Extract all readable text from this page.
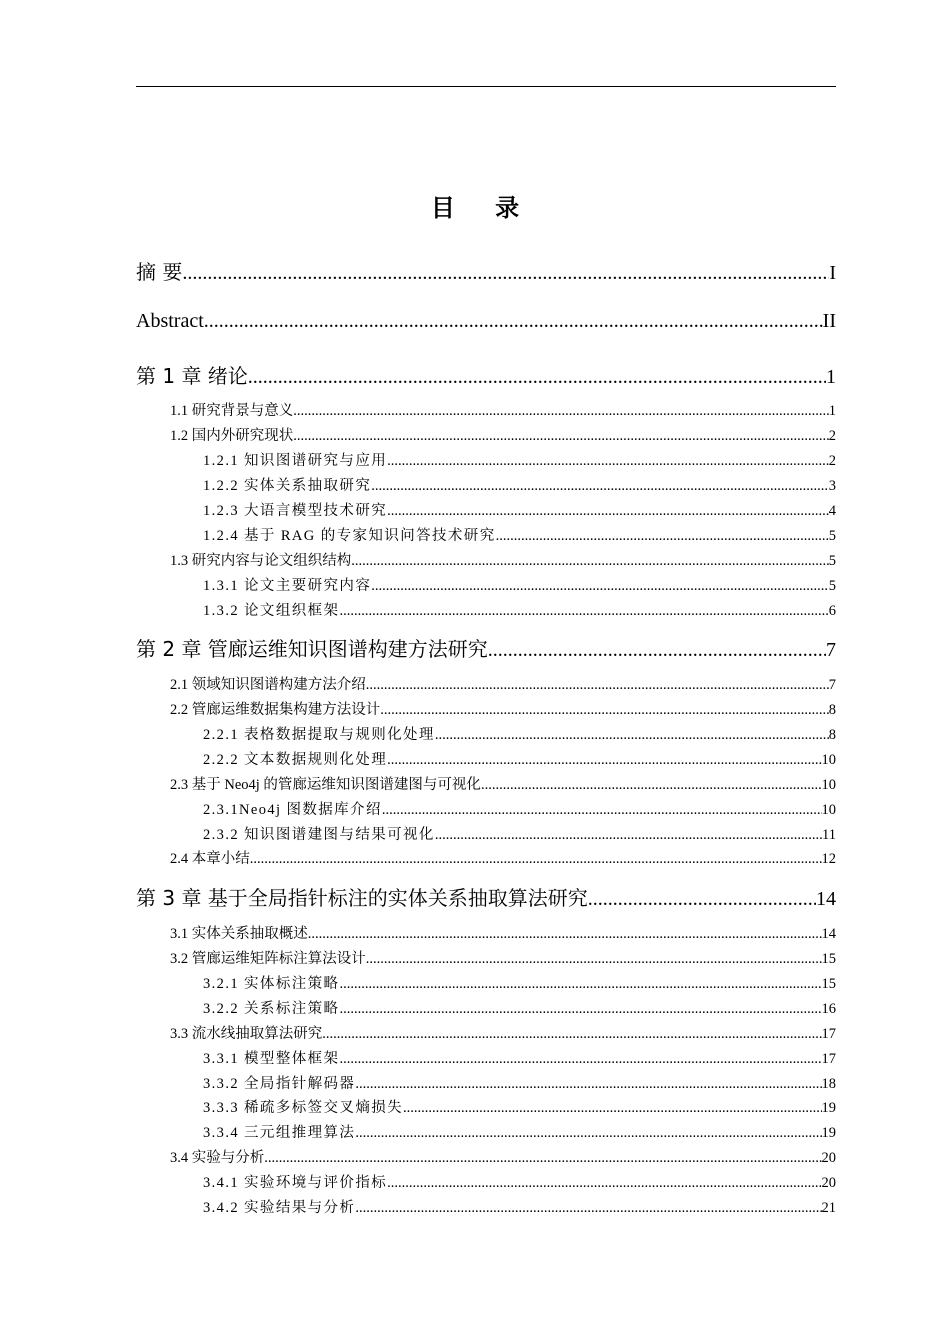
目 录
摘 要 .....	I
Abstract .....	II
第 1 章 绪论 .....	1
1.1 研究背景与意义 .....	1
1.2 国内外研究现状 .....	2
1.2.1 知识图谱研究与应用 .....	2
1.2.2 实体关系抽取研究 .....	3
1.2.3 大语言模型技术研究 .....	4
1.2.4 基于 RAG 的专家知识问答技术研究 .....	5
1.3 研究内容与论文组织结构 .....	5
1.3.1 论文主要研究内容 .....	5
1.3.2 论文组织框架 .....	6
第 2 章 管廊运维知识图谱构建方法研究 .....	7
2.1 领域知识图谱构建方法介绍 .....	7
2.2 管廊运维数据集构建方法设计 .....	8
2.2.1 表格数据提取与规则化处理 .....	8
2.2.2 文本数据规则化处理 .....	10
2.3 基于 Neo4j 的管廊运维知识图谱建图与可视化 .....	10
2.3.1Neo4j 图数据库介绍 .....	10
2.3.2 知识图谱建图与结果可视化 .....	11
2.4 本章小结 .....	12
第 3 章 基于全局指针标注的实体关系抽取算法研究 .....	14
3.1 实体关系抽取概述 .....	14
3.2 管廊运维矩阵标注算法设计 .....	15
3.2.1 实体标注策略 .....	15
3.2.2 关系标注策略 .....	16
3.3 流水线抽取算法研究 .....	17
3.3.1 模型整体框架 .....	17
3.3.2 全局指针解码器 .....	18
3.3.3 稀疏多标签交叉熵损失 .....	19
3.3.4 三元组推理算法 .....	19
3.4 实验与分析 .....	20
3.4.1 实验环境与评价指标 .....	20
3.4.2 实验结果与分析 .....	21
